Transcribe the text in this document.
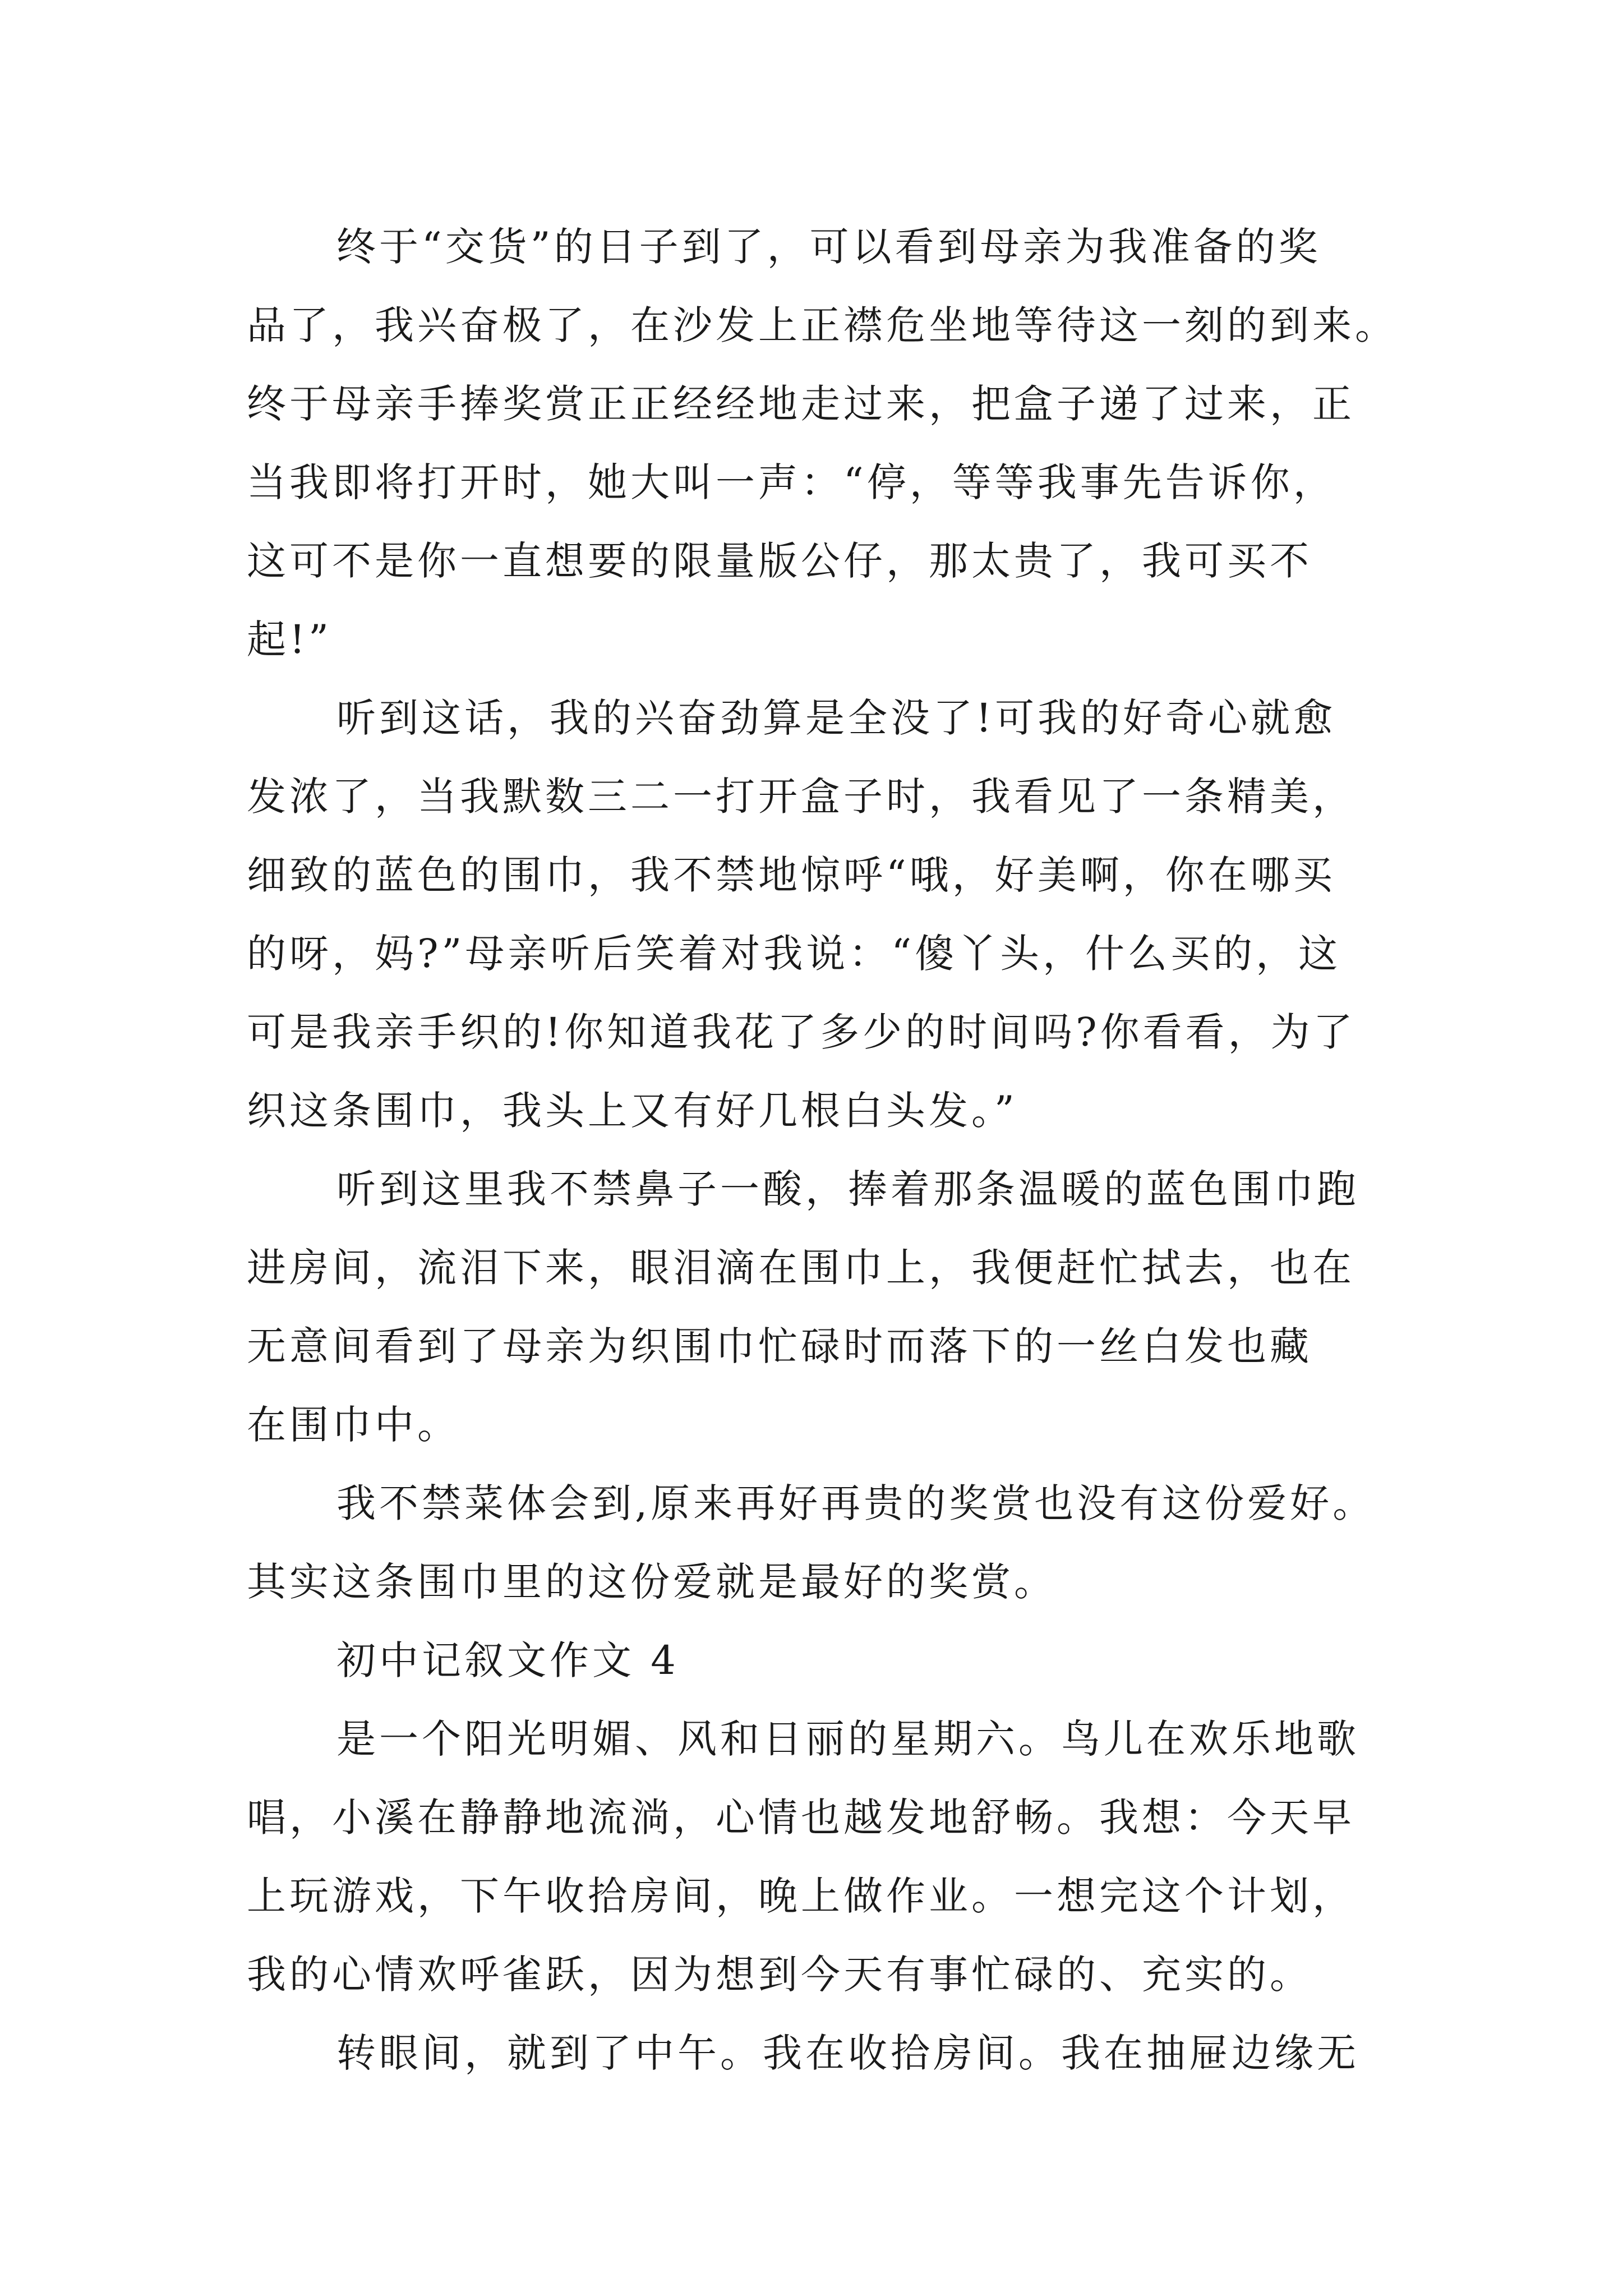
终于“交货”的日子到了，可以看到母亲为我准备的奖
品了，我兴奋极了，在沙发上正襟危坐地等待这一刻的到来。
终于母亲手捧奖赏正正经经地走过来，把盒子递了过来，正
当我即将打开时，她大叫一声：“停，等等我事先告诉你，
这可不是你一直想要的限量版公仔，那太贵了，我可买不
起!”
听到这话，我的兴奋劲算是全没了!可我的好奇心就愈
发浓了，当我默数三二一打开盒子时，我看见了一条精美，
细致的蓝色的围巾，我不禁地惊呼“哦，好美啊，你在哪买
的呀，妈?”母亲听后笑着对我说：“傻丫头，什么买的，这
可是我亲手织的!你知道我花了多少的时间吗?你看看，为了
织这条围巾，我头上又有好几根白头发。”
听到这里我不禁鼻子一酸，捧着那条温暖的蓝色围巾跑
进房间，流泪下来，眼泪滴在围巾上，我便赶忙拭去，也在
无意间看到了母亲为织围巾忙碌时而落下的一丝白发也藏
在围巾中。
我不禁菜体会到,原来再好再贵的奖赏也没有这份爱好。
其实这条围巾里的这份爱就是最好的奖赏。
初中记叙文作文 4
是一个阳光明媚、风和日丽的星期六。鸟儿在欢乐地歌
唱，小溪在静静地流淌，心情也越发地舒畅。我想：今天早
上玩游戏，下午收拾房间，晚上做作业。一想完这个计划，
我的心情欢呼雀跃，因为想到今天有事忙碌的、充实的。
转眼间，就到了中午。我在收拾房间。我在抽屉边缘无
